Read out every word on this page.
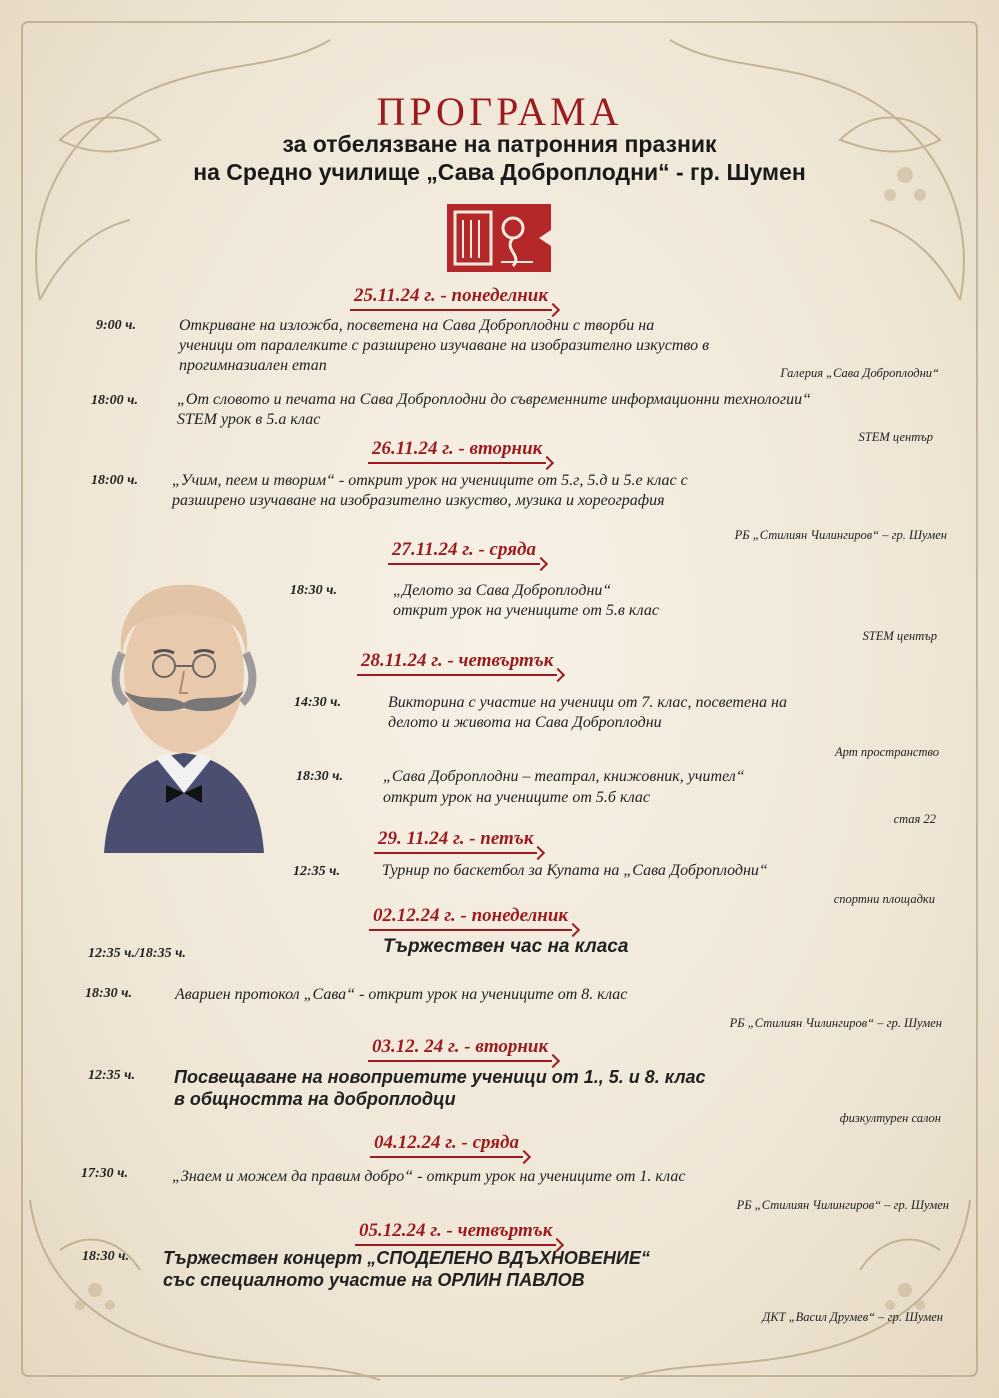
ПРОГРАМА
за отбелязване на патронния празник
на Средно училище „Сава Доброплодни“ - гр. Шумен
25.11.24 г. - понеделник
9:00 ч.	Откриване на изложба, посветена на Сава Доброплодни с творби на
ученици от паралелките с разширено изучаване на изобразително изкуство в
прогимназиален етап	Галерия „Сава Доброплодни“
18:00 ч. „От словото и печата на Сава Доброплодни до съвременните информационни технологии“
STEM урок в 5.а клас
STEM център
26.11.24 г. - вторник
18:00 ч. „Учим, пеем и творим“ - открит урок на учениците от 5.г, 5.д и 5.е клас с
разширено изучаване на изобразително изкуство, музика и хореография
РБ „Стилиян Чилингиров“ – гр. Шумен
27.11.24 г. - сряда
18:30 ч.	„Делото за Сава Доброплодни“
открит урок на учениците от 5.в клас
STEM център
28.11.24 г. - четвъртък
14:30 ч.	Викторина с участие на ученици от 7. клас, посветена на
делото и живота на Сава Доброплодни
Арт пространство
18:30 ч. „Сава Доброплодни – театрал, книжовник, учител“
открит урок на учениците от 5.б клас
стая 22
29. 11.24 г. - петък
12:35 ч.	Турнир по баскетбол за Купата на „Сава Доброплодни“
спортни площадки
02.12.24 г. - понеделник
12:35 ч./18:35 ч.	Тържествен час на класа
18:30 ч.	Авариен протокол „Сава“ - открит урок на учениците от 8. клас
РБ „Стилиян Чилингиров“ – гр. Шумен
03.12. 24 г. - вторник
12:35 ч. Посвещаване на новоприетите ученици от 1., 5. и 8. клас
в общността на доброплодци
физкултурен салон
04.12.24 г. - сряда
17:30 ч.	„Знаем и можем да правим добро“ - открит урок на учениците от 1. клас
РБ „Стилиян Чилингиров“ – гр. Шумен
05.12.24 г. - четвъртък
18:30 ч. Тържествен концерт „СПОДЕЛЕНО ВДЪХНОВЕНИЕ“
със специалното участие на ОРЛИН ПАВЛОВ
ДКТ „Васил Друмев“ – гр. Шумен
